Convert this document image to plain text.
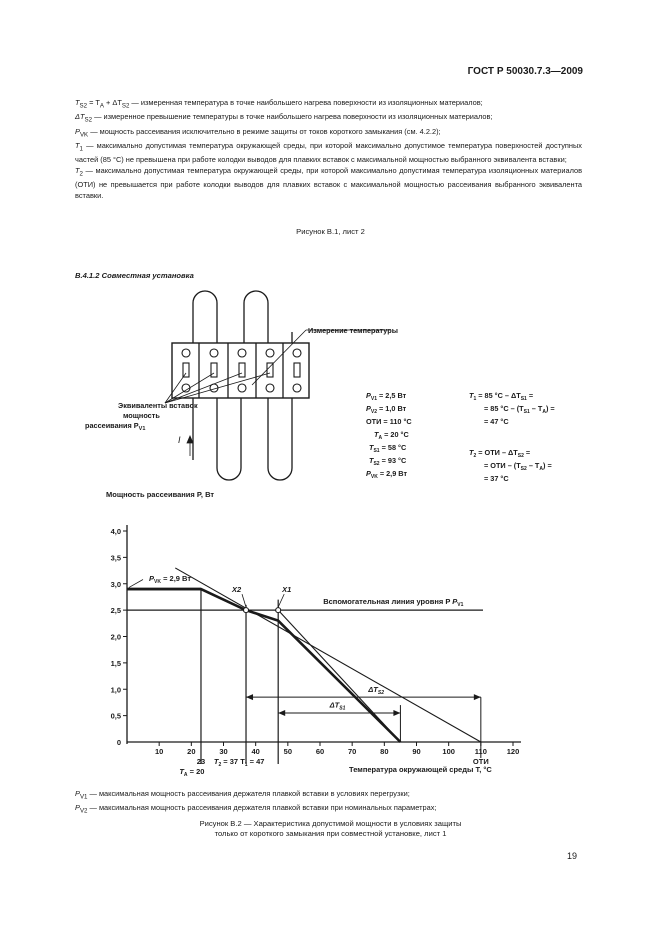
ГОСТ Р 50030.7.3—2009

$T_{S2} = T_A + \Delta T_{S2}$ — измеренная температура в точке наибольшего нагрева поверхности из изоляционных материалов;

$\Delta T_{S2}$ — измеренное превышение температуры в точке наибольшего нагрева поверхности из изоляционных материалов;

$P_{VK}$ — мощность рассеивания исключительно в режиме защиты от токов короткого замыкания (см. 4.2.2);

$T_1$ — максимально допустимая температура окружающей среды, при которой максимально допустимое температура поверхностей доступных частей (85 °C) не превышена при работе колодки выводов для плавких вставок с максимальной мощностью выбранного эквивалента вставки;

$T_2$ — максимально допустимая температура окружающей среды, при которой максимально допустимая температура изоляционных материалов (ОТИ) не превышается при работе колодки выводов для плавких вставок с максимальной мощностью рассеивания выбранного эквивалента вставки.

Рисунок В.1, лист 2
В.4.1.2 Совместная установка
Измерение температуры
Эквиваленты вставок
мощность
рассеивания $P_{V1}$
I
$P_{V1} = 2,5$ Вт
$P_{V2} = 1,0$ Вт
ОТИ = 110 °C
$T_A = 20$ °C
$T_{S1} = 58$ °C
$T_{S2} = 93$ °C
$P_{VK} = 2,9$ Вт
$T_1 = 85$ $^\circ C - \Delta T_{S1}$ =
= 85 $^\circ C - (T_{S1} - T_A)$ =
= 47 °C
$T_2$ = ОТИ – $\Delta T_{S2}$ =
= ОТИ – $(T_{S2} - T_A)$ =
= 37 °C
Мощность рассеивания P, Вт
0,5
1,0
1,5
2,0
2,5
3,0
3,5
4,0
0
10	20	30	40	50	60	70	80	90	100	110	120
X2	X1
$P_{VK} = 2,9$ Вт
Вспомогательная линия уровня P $P_{V1}$
$\Delta T_{S2}$
$\Delta T_{S1}$
23
$T_A = 20$
$T_2 = 37$ $T_1 = 47$	ОТИ
Температура окружающей среды T, °C

$P_{V1}$ — максимальная мощность рассеивания держателя плавкой вставки в условиях перегрузки;

$P_{V2}$ — максимальная мощность рассеивания держателя плавкой вставки при номинальных параметрах;

Рисунок В.2 — Характеристика допустимой мощности в условиях защиты

только от короткого замыкания при совместной установке, лист 1

19
